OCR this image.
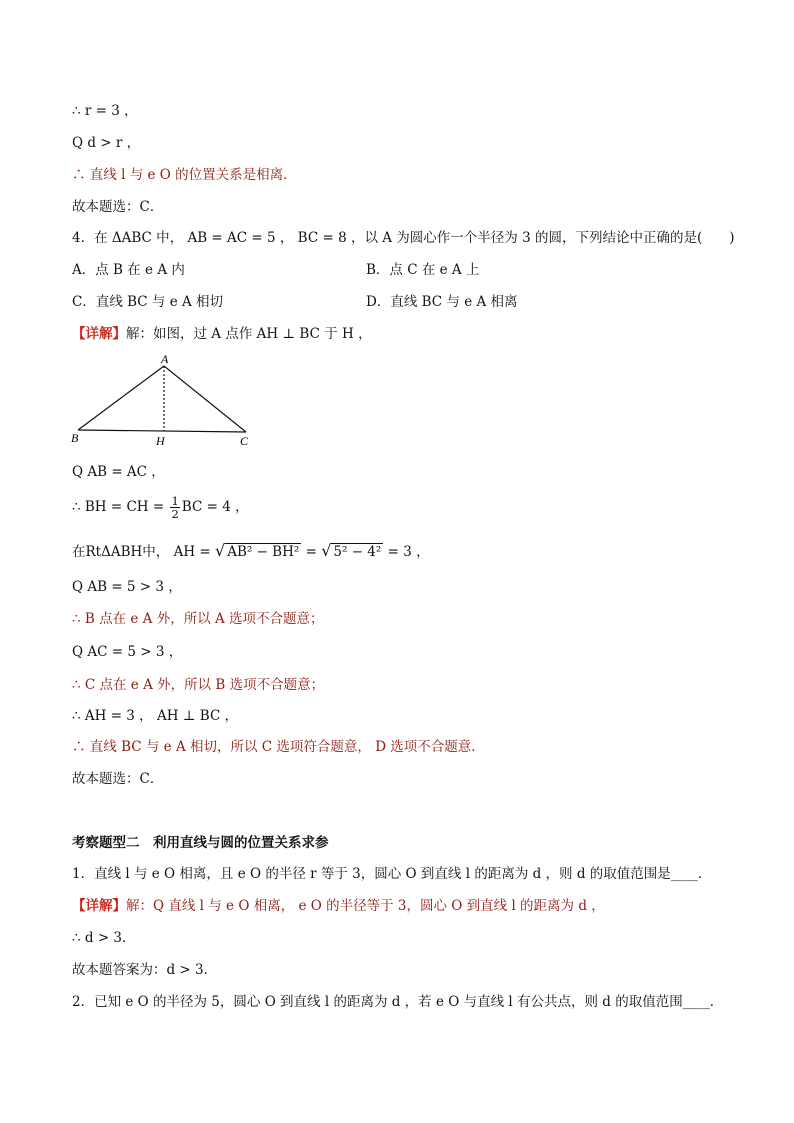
∴ r = 3 ，
Q d > r ，
∴ 直线 l 与 e O 的位置关系是相离．
故本题选：C．
4．在 ΔABC 中， AB = AC = 5 ， BC = 8 ，以 A 为圆心作一个半径为 3 的圆，下列结论中正确的是(　　)
A．点 B 在 e A 内	B．点 C 在 e A 上
C．直线 BC 与 e A 相切	D．直线 BC 与 e A 相离
【详解】解：如图，过 A 点作 AH ⊥ BC 于 H ，
A
B	H	C
Q AB = AC ，
∴ BH = CH = $\frac{1}{2}$ BC = 4 ，
在RtΔABH中， AH = √ AB² − BH² = √ 5² − 4² = 3 ，
Q AB = 5 > 3 ，
∴ B 点在 e A 外，所以 A 选项不合题意；
Q AC = 5 > 3 ，
∴ C 点在 e A 外，所以 B 选项不合题意；
∴ AH = 3 ， AH ⊥ BC ，
∴ 直线 BC 与 e A 相切，所以 C 选项符合题意， D 选项不合题意．
故本题选：C．
考察题型二　利用直线与圆的位置关系求参
1．直线 l 与 e O 相离，且 e O 的半径 r 等于 3，圆心 O 到直线 l 的距离为 d ，则 d 的取值范围是____．
【详解】解：Q 直线 l 与 e O 相离， e O 的半径等于 3，圆心 O 到直线 l 的距离为 d ，
∴ d > 3．
故本题答案为：d > 3．
2．已知 e O 的半径为 5，圆心 O 到直线 l 的距离为 d ，若 e O 与直线 l 有公共点，则 d 的取值范围____．
